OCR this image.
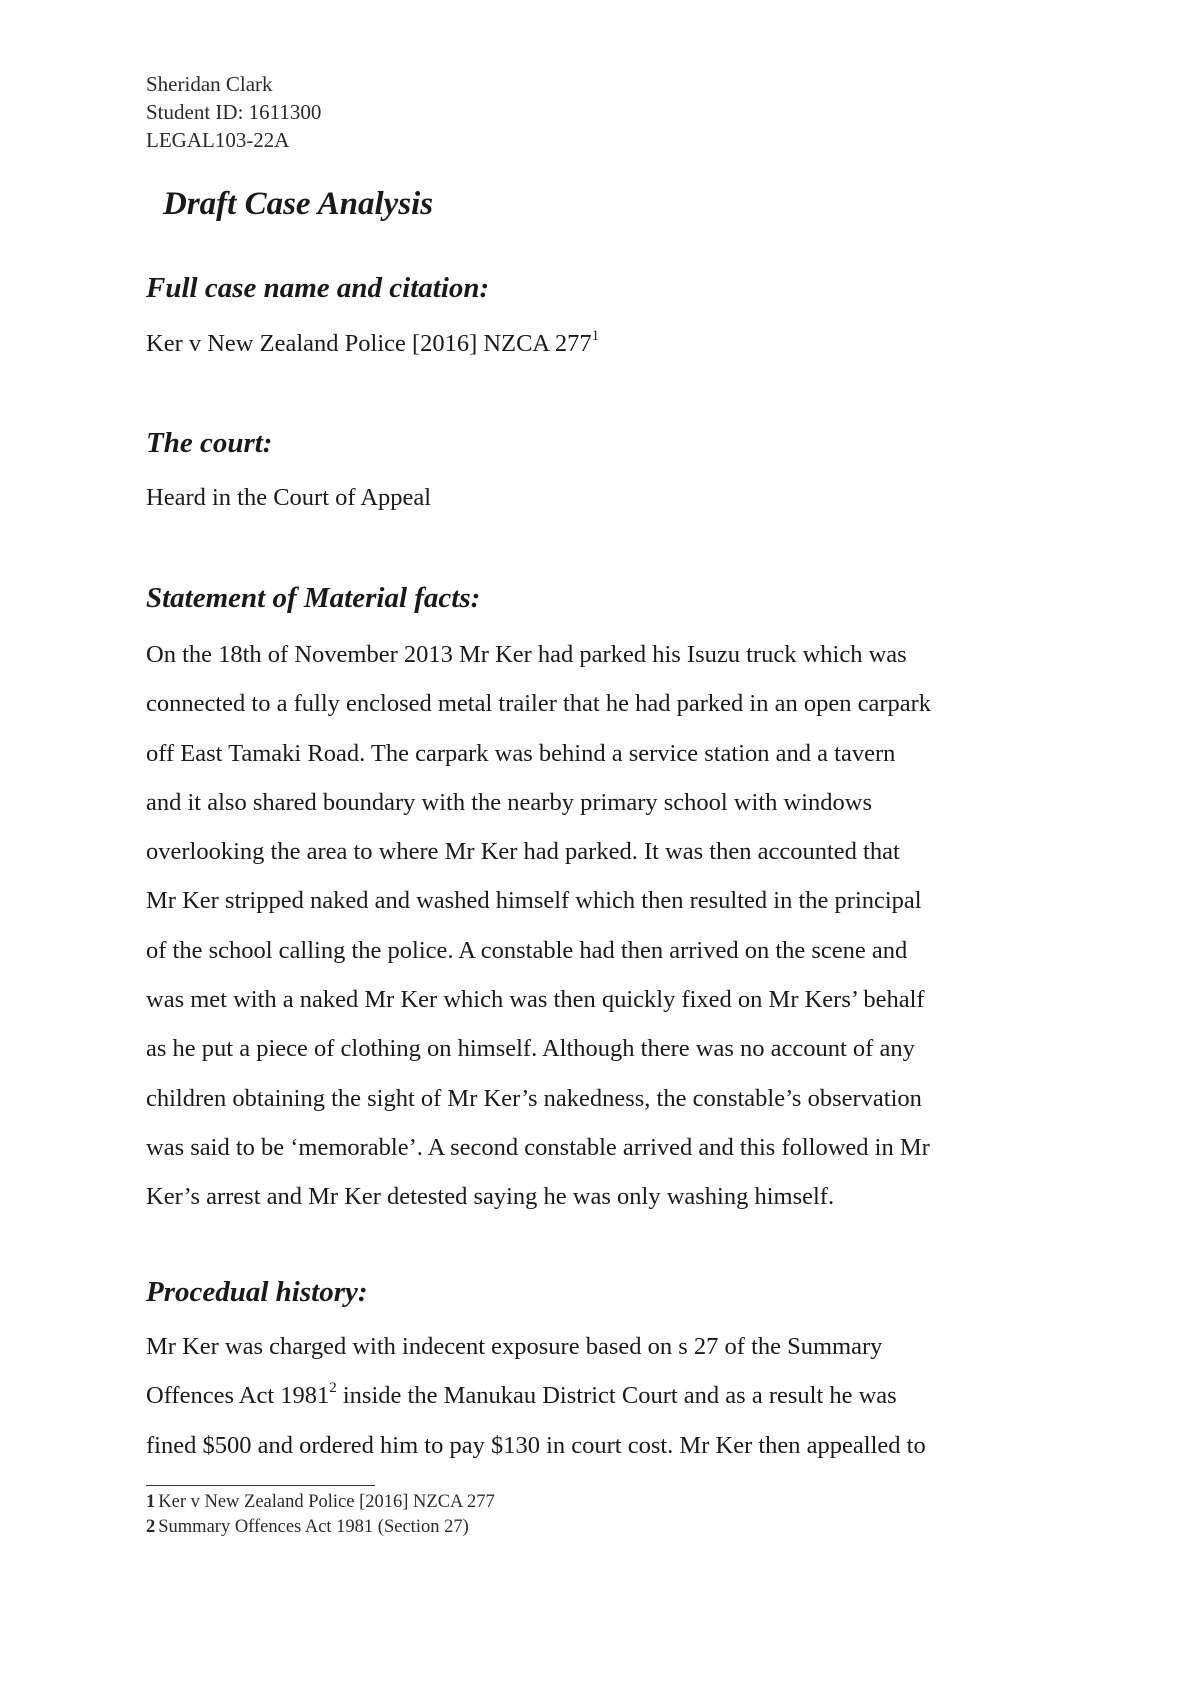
Sheridan Clark
Student ID: 1611300
LEGAL103-22A
Draft Case Analysis
Full case name and citation:

Ker v New Zealand Police [2016] NZCA $277^1$

The court:

Heard in the Court of Appeal

Statement of Material facts:

On the 18th of November 2013 Mr Ker had parked his Isuzu truck which was
connected to a fully enclosed metal trailer that he had parked in an open carpark
off East Tamaki Road. The carpark was behind a service station and a tavern
and it also shared boundary with the nearby primary school with windows
overlooking the area to where Mr Ker had parked. It was then accounted that
Mr Ker stripped naked and washed himself which then resulted in the principal
of the school calling the police. A constable had then arrived on the scene and
was met with a naked Mr Ker which was then quickly fixed on Mr Kers’ behalf
as he put a piece of clothing on himself. Although there was no account of any
children obtaining the sight of Mr Ker’s nakedness, the constable’s observation
was said to be ‘memorable’. A second constable arrived and this followed in Mr
Ker’s arrest and Mr Ker detested saying he was only washing himself.

Procedual history:

Mr Ker was charged with indecent exposure based on s 27 of the Summary
Offences Act 1981$^2$ inside the Manukau District Court and as a result he was
fined $500 and ordered him to pay $130 in court cost. Mr Ker then appealled to

1 Ker v New Zealand Police [2016] NZCA 277
2 Summary Offences Act 1981 (Section 27)
